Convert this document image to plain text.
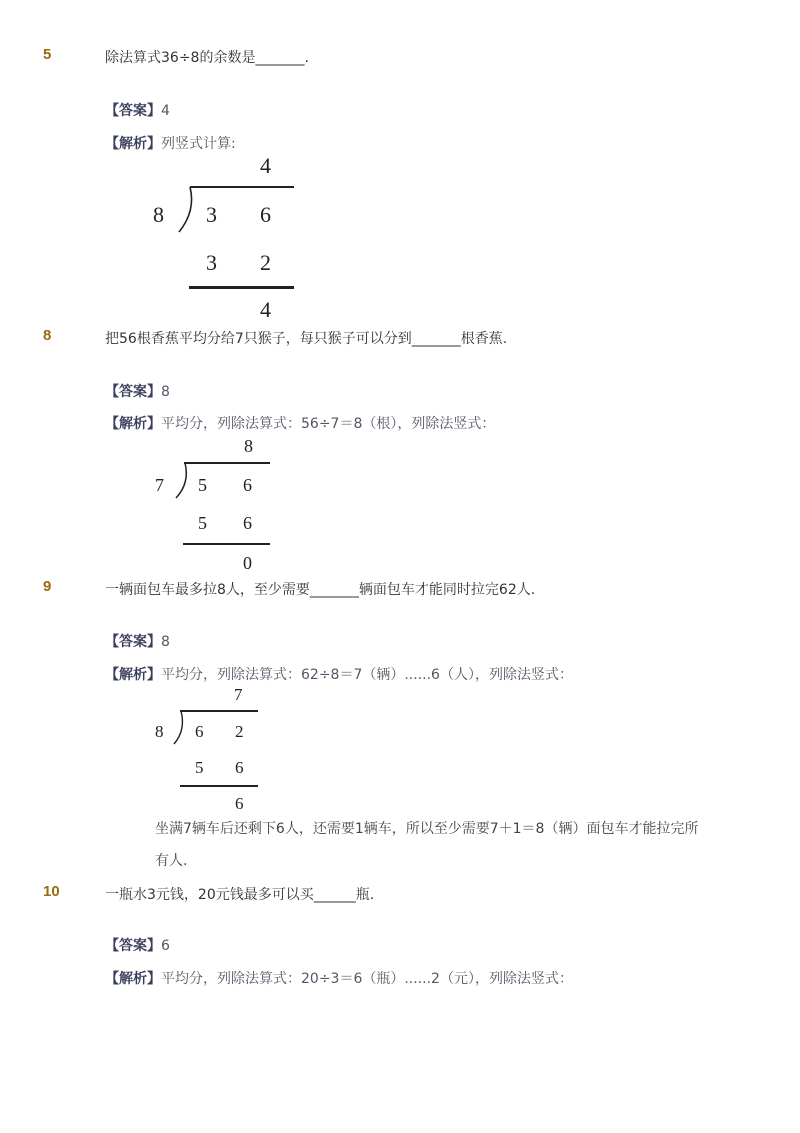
5	除法算式36÷8的余数是_______.
【答案】4
【解析】列竖式计算:
4
8 3 6
3 2
4
8	把56根香蕉平均分给7只猴子，每只猴子可以分到_______根香蕉.
【答案】8
【解析】平均分，列除法算式：56÷7＝8（根），列除法竖式：
8
7 5 6
5 6
0
9	一辆面包车最多拉8人，至少需要_______辆面包车才能同时拉完62人.
【答案】8
【解析】平均分，列除法算式：62÷8＝7（辆）......6（人），列除法竖式：
7
8 6 2
5 6
6
坐满7辆车后还剩下6人，还需要1辆车，所以至少需要7＋1＝8（辆）面包车才能拉完所
有人.
10	一瓶水3元钱，20元钱最多可以买______瓶.
【答案】6
【解析】平均分，列除法算式：20÷3＝6（瓶）......2（元），列除法竖式：
